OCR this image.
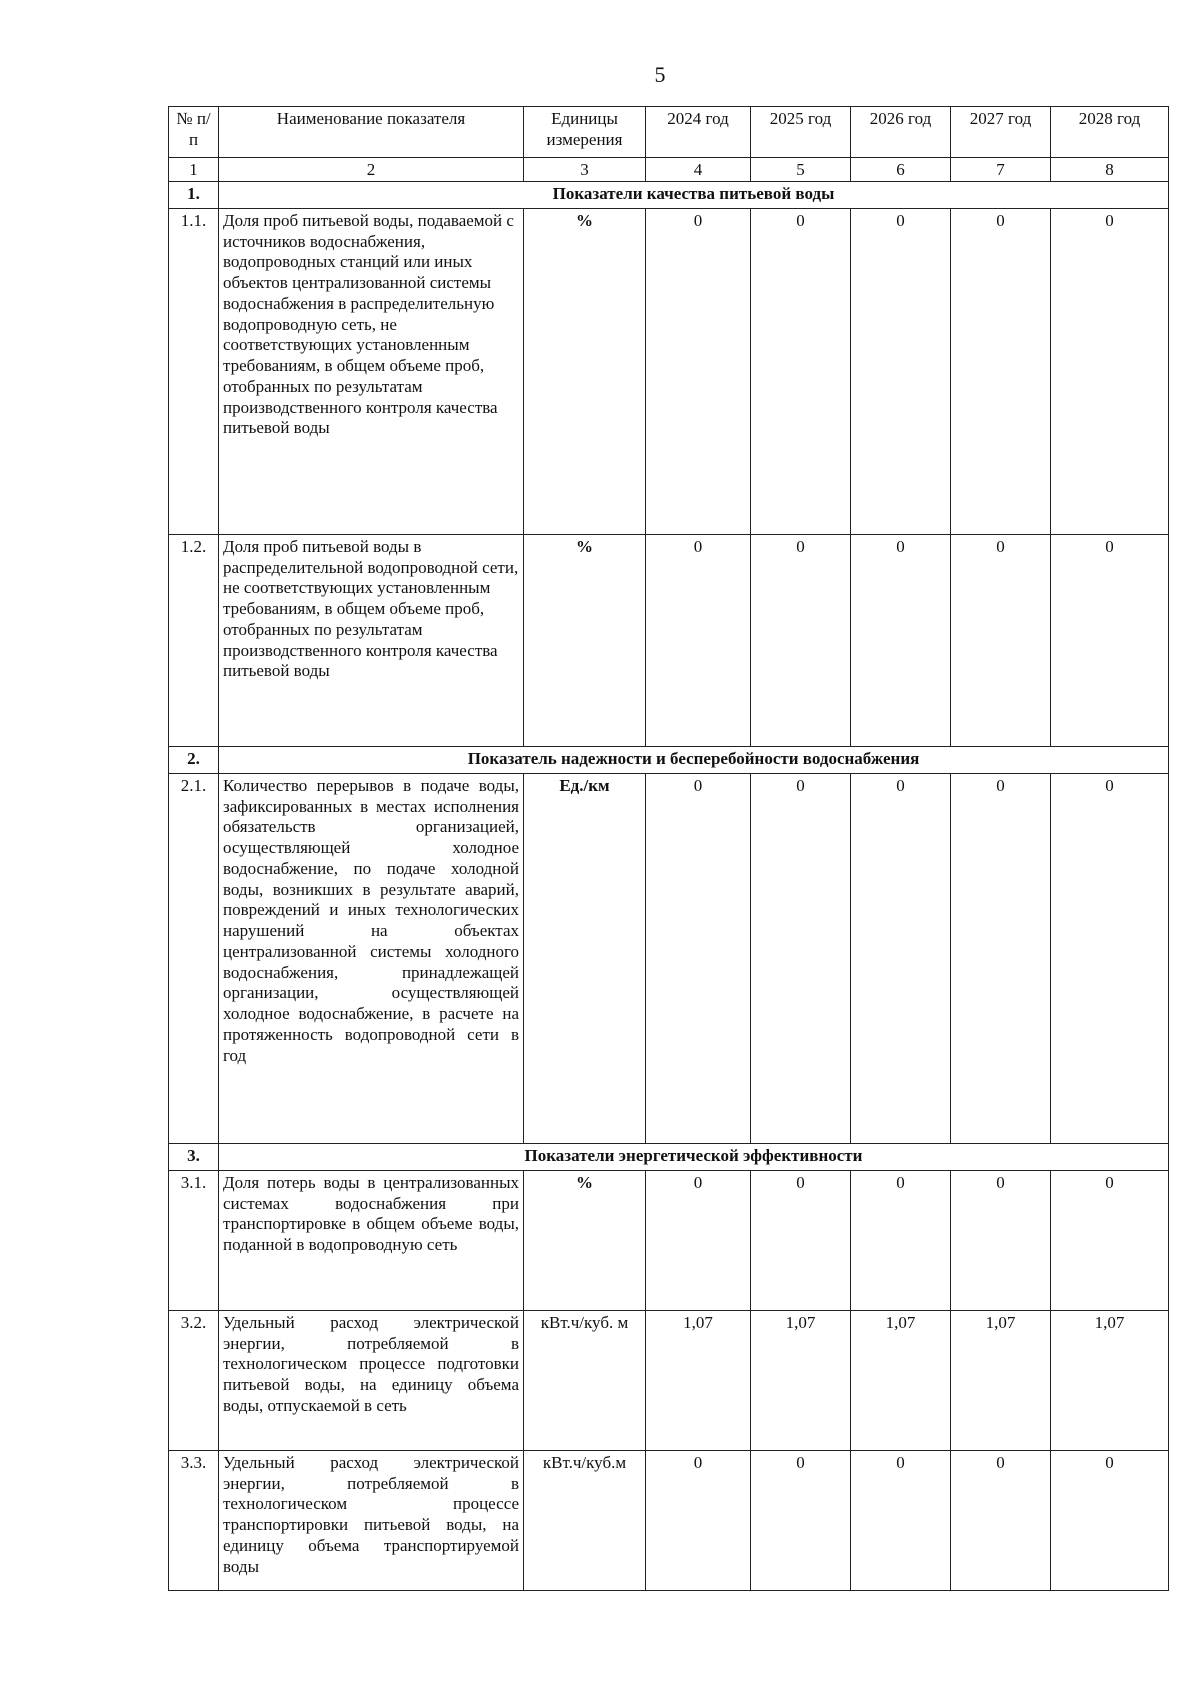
5
№ п/п	Наименование показателя	Единицы измерения	2024 год	2025 год	2026 год	2027 год	2028 год
1	2	3	4	5	6	7	8
1.	Показатели качества питьевой воды						
1.1.	Доля проб питьевой воды, подаваемой с источников водоснабжения, водопроводных станций или иных объектов централизованной системы водоснабжения в распределительную водопроводную сеть, не соответствующих установленным требованиям, в общем объеме проб, отобранных по результатам производственного контроля качества питьевой воды	%	0	0	0	0	0
1.2.	Доля проб питьевой воды в распределительной водопроводной сети, не соответствующих установленным требованиям, в общем объеме проб, отобранных по результатам производственного контроля качества питьевой воды	%	0	0	0	0	0
2.	Показатель надежности и бесперебойности водоснабжения						
2.1.	Количество перерывов в подаче воды, зафиксированных в местах исполнения обязательств организацией, осуществляющей холодное водоснабжение, по подаче холодной воды, возникших в результате аварий, повреждений и иных технологических нарушений на объектах централизованной системы холодного водоснабжения, принадлежащей организации, осуществляющей холодное водоснабжение, в расчете на протяженность водопроводной сети в год	Ед./км	0	0	0	0	0
3.	Показатели энергетической эффективности						
3.1.	Доля потерь воды в централизованных системах водоснабжения при транспортировке в общем объеме воды, поданной в водопроводную сеть	%	0	0	0	0	0
3.2.	Удельный расход электрической энергии, потребляемой в технологическом процессе подготовки питьевой воды, на единицу объема воды, отпускаемой в сеть	кВт.ч/куб. м	1,07	1,07	1,07	1,07	1,07
3.3.	Удельный расход электрической энергии, потребляемой в технологическом процессе транспортировки питьевой воды, на единицу объема транспортируемой воды	кВт.ч/куб.м	0	0	0	0	0
